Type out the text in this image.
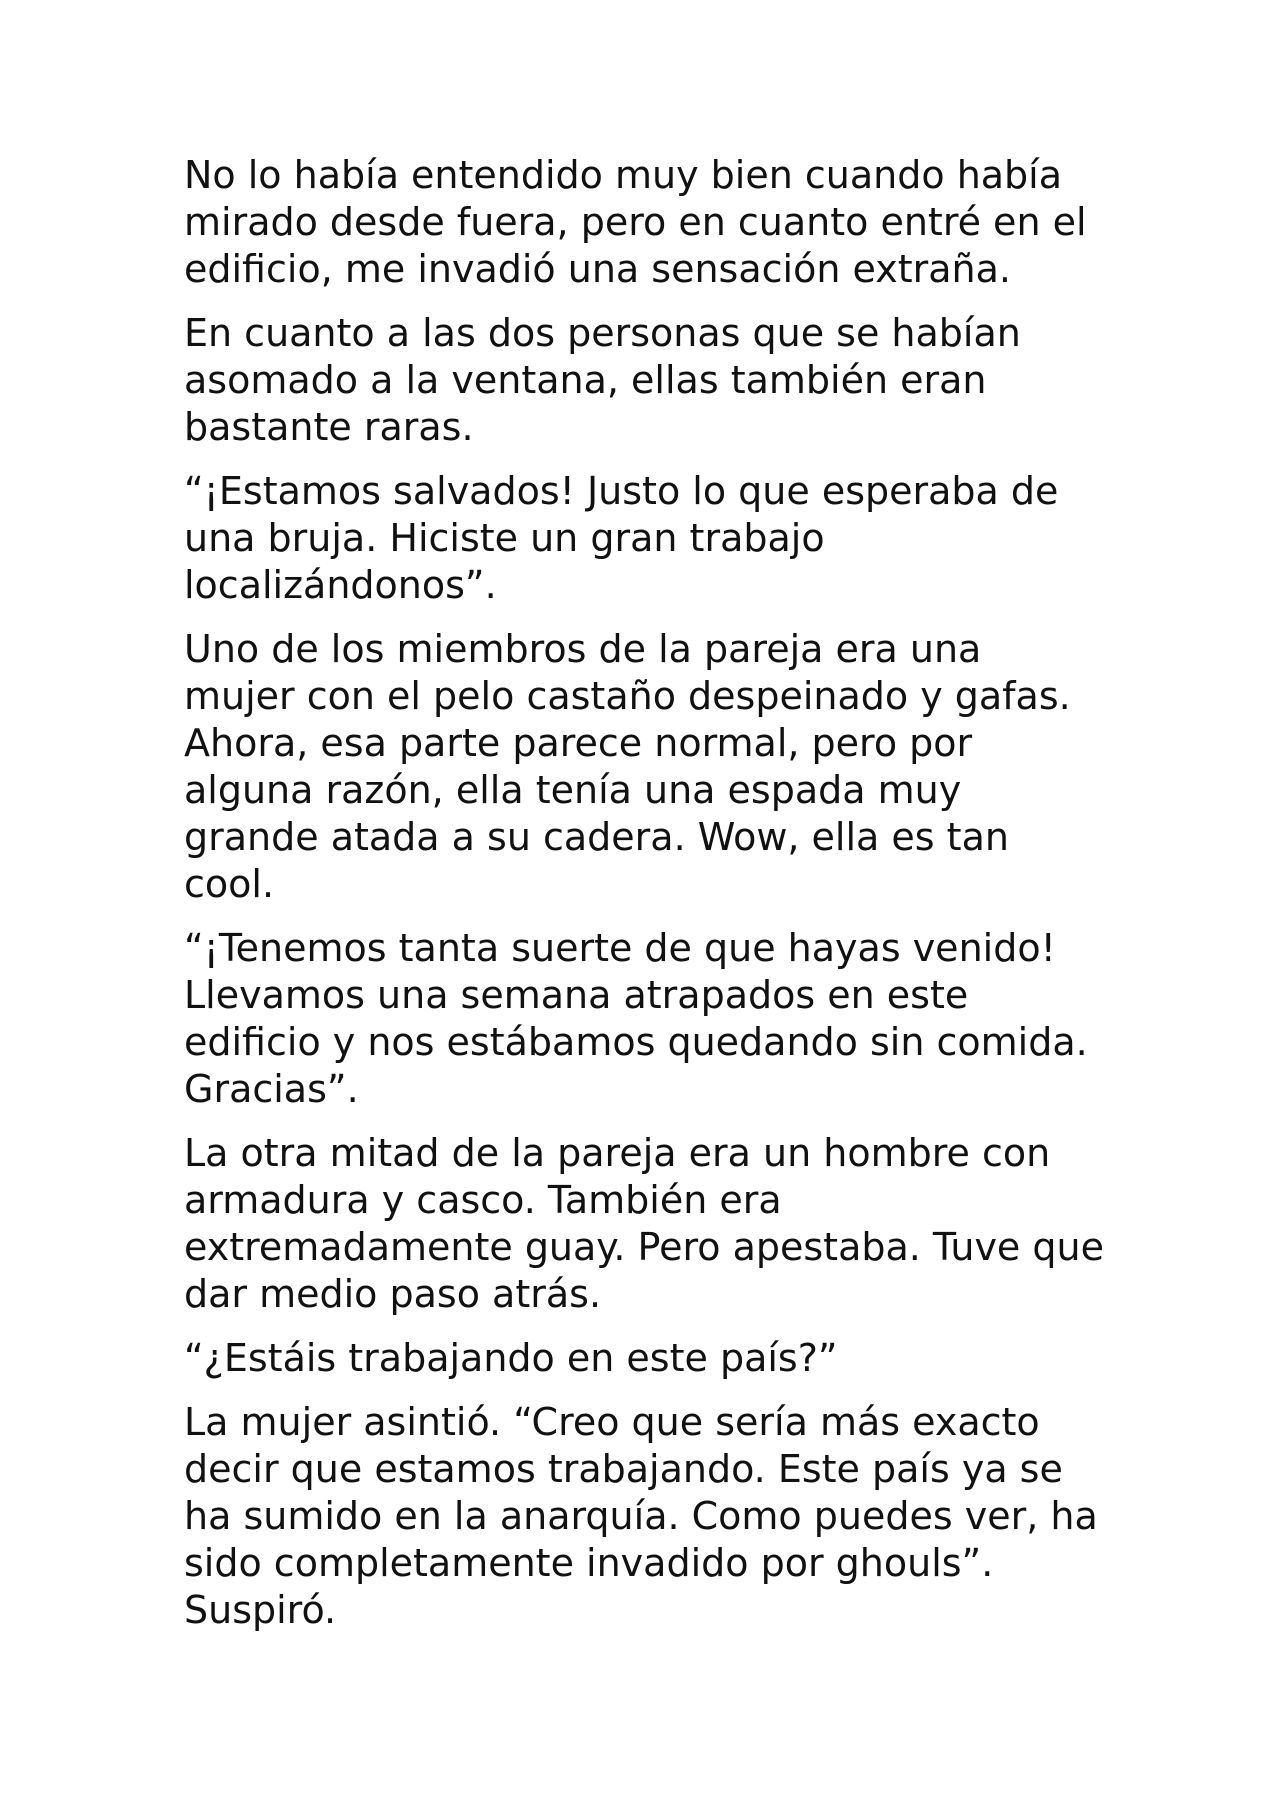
No lo había entendido muy bien cuando había mirado desde fuera, pero en cuanto entré en el edificio, me invadió una sensación extraña.

En cuanto a las dos personas que se habían asomado a la ventana, ellas también eran bastante raras.

“¡Estamos salvados! Justo lo que esperaba de una bruja. Hiciste un gran trabajo localizándonos”.

Uno de los miembros de la pareja era una mujer con el pelo castaño despeinado y gafas. Ahora, esa parte parece normal, pero por alguna razón, ella tenía una espada muy grande atada a su cadera. Wow, ella es tan cool.

“¡Tenemos tanta suerte de que hayas venido! Llevamos una semana atrapados en este edificio y nos estábamos quedando sin comida. Gracias”.

La otra mitad de la pareja era un hombre con armadura y casco. También era extremadamente guay. Pero apestaba. Tuve que dar medio paso atrás.

“¿Estáis trabajando en este país?”

La mujer asintió. “Creo que sería más exacto decir que estamos trabajando. Este país ya se ha sumido en la anarquía. Como puedes ver, ha sido completamente invadido por ghouls”. Suspiró.
